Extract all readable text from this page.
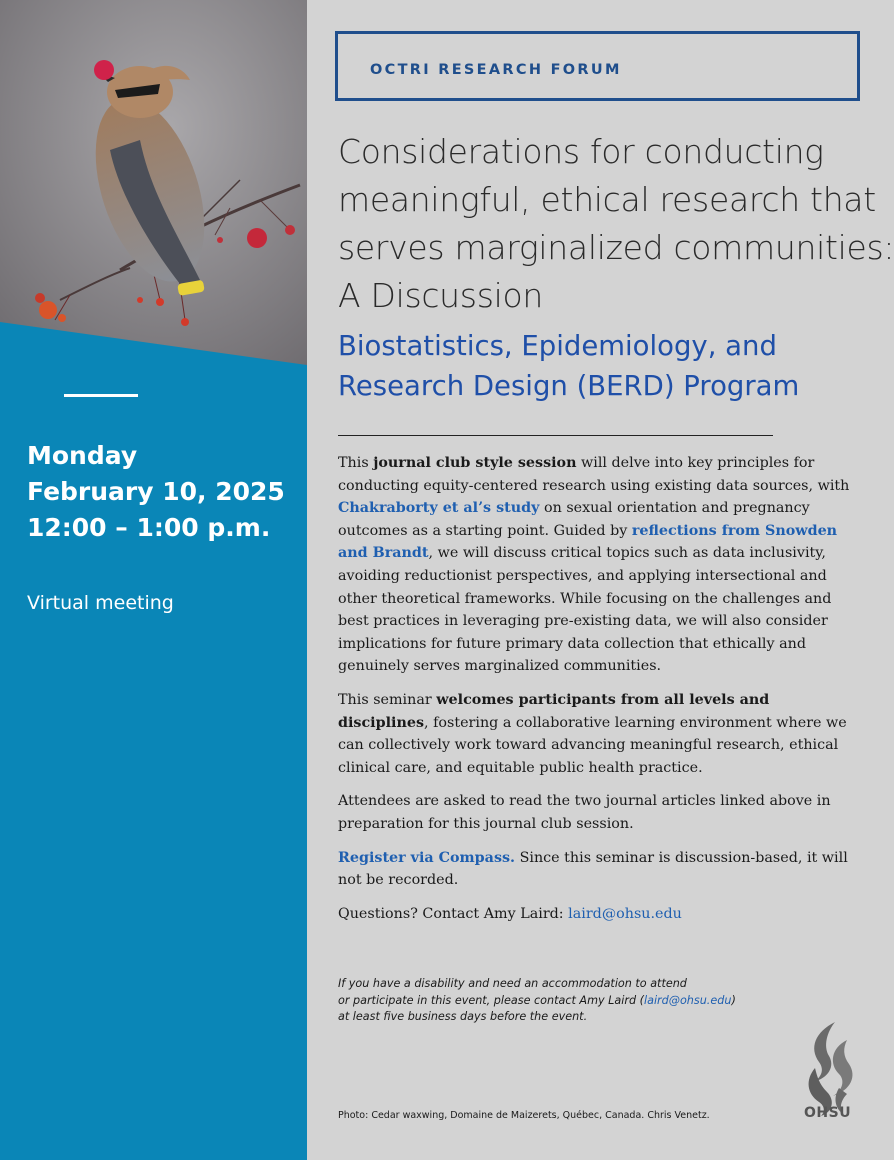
Monday
February 10, 2025
12:00 – 1:00 p.m.
Virtual meeting
OCTRI RESEARCH FORUM
Considerations for conducting
meaningful, ethical research that
serves marginalized communities:
A Discussion
Biostatistics, Epidemiology, and
Research Design (BERD) Program

This journal club style session will delve into key principles for conducting equity-centered research using existing data sources, with Chakraborty et al’s study on sexual orientation and pregnancy outcomes as a starting point. Guided by reflections from Snowden and Brandt, we will discuss critical topics such as data inclusivity, avoiding reductionist perspectives, and applying intersectional and other theoretical frameworks. While focusing on the challenges and best practices in leveraging pre-existing data, we will also consider implications for future primary data collection that ethically and genuinely serves marginalized communities.

This seminar welcomes participants from all levels and disciplines, fostering a collaborative learning environment where we can collectively work toward advancing meaningful research, ethical clinical care, and equitable public health practice.

Attendees are asked to read the two journal articles linked above in preparation for this journal club session.

Register via Compass. Since this seminar is discussion-based, it will not be recorded.

Questions? Contact Amy Laird: laird@ohsu.edu

If you have a disability and need an accommodation to attend
or participate in this event, please contact Amy Laird (laird@ohsu.edu)
at least five business days before the event.
Photo: Cedar waxwing, Domaine de Maizerets, Québec, Canada. Chris Venetz.	OHSU
